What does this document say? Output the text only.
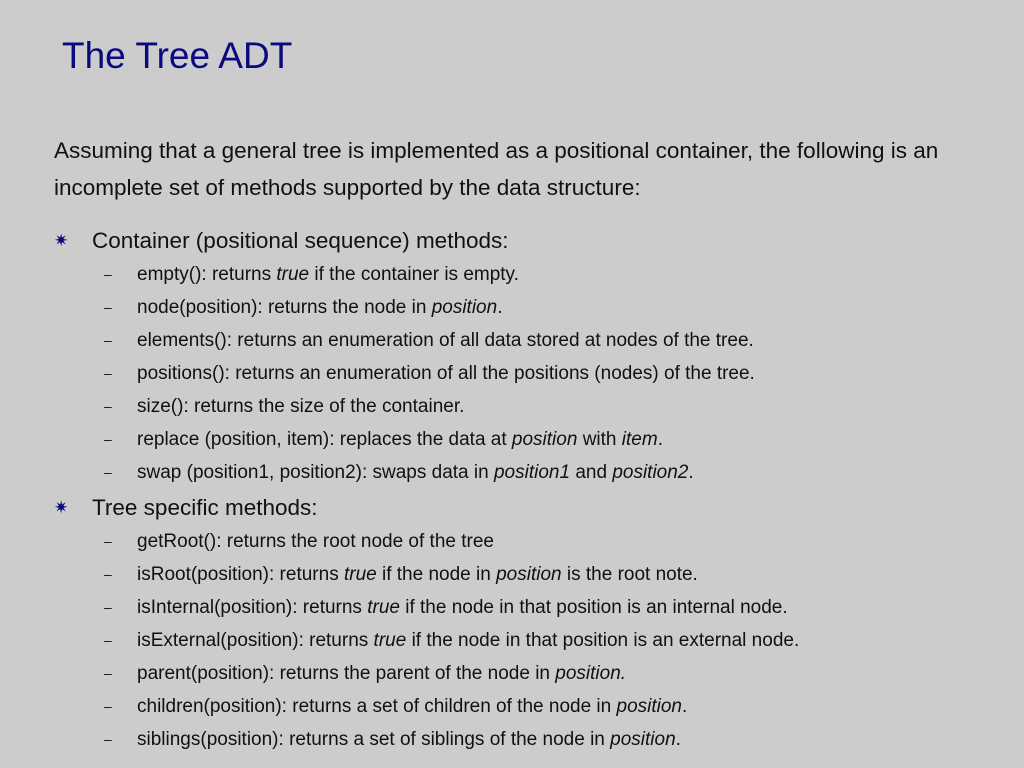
The Tree ADT

Assuming that a general tree is implemented as a positional container, the following is an incomplete set of methods supported by the data structure:

✷ Container (positional sequence) methods:
– empty(): returns true if the container is empty.
– node(position): returns the node in position.
– elements(): returns an enumeration of all data stored at nodes of the tree.
– positions(): returns an enumeration of all the positions (nodes) of the tree.
– size(): returns the size of the container.
– replace (position, item): replaces the data at position with item.
– swap (position1, position2): swaps data in position1 and position2.
✷ Tree specific methods:
– getRoot(): returns the root node of the tree
– isRoot(position): returns true if the node in position is the root note.
– isInternal(position): returns true if the node in that position is an internal node.
– isExternal(position): returns true if the node in that position is an external node.
– parent(position): returns the parent of the node in position.
– children(position): returns a set of children of the node in position.
– siblings(position): returns a set of siblings of the node in position.
